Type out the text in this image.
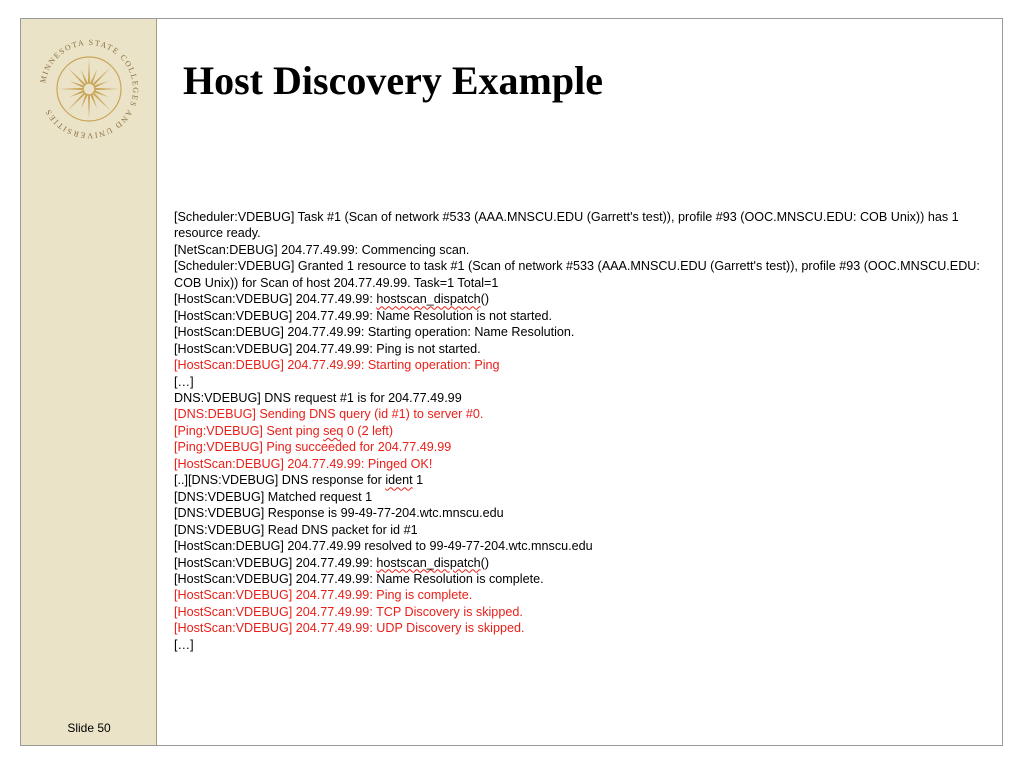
MINNESOTA STATE COLLEGES AND UNIVERSITIES
Slide 50
Host Discovery Example
[Scheduler:VDEBUG] Task #1 (Scan of network #533 (AAA.MNSCU.EDU (Garrett's test)), profile #93 (OOC.MNSCU.EDU: COB Unix)) has 1 resource ready.
[NetScan:DEBUG] 204.77.49.99: Commencing scan.
[Scheduler:VDEBUG] Granted 1 resource to task #1 (Scan of network #533 (AAA.MNSCU.EDU (Garrett's test)), profile #93 (OOC.MNSCU.EDU: COB Unix)) for Scan of host 204.77.49.99. Task=1 Total=1
[HostScan:VDEBUG] 204.77.49.99: hostscan_dispatch()
[HostScan:VDEBUG] 204.77.49.99: Name Resolution is not started.
[HostScan:DEBUG] 204.77.49.99: Starting operation: Name Resolution.
[HostScan:VDEBUG] 204.77.49.99: Ping is not started.
[HostScan:DEBUG] 204.77.49.99: Starting operation: Ping
[…]
DNS:VDEBUG] DNS request #1 is for 204.77.49.99
[DNS:DEBUG] Sending DNS query (id #1) to server #0.
[Ping:VDEBUG] Sent ping seq 0 (2 left)
[Ping:VDEBUG] Ping succeeded for 204.77.49.99
[HostScan:DEBUG] 204.77.49.99: Pinged OK!
[..][DNS:VDEBUG] DNS response for ident 1
[DNS:VDEBUG] Matched request 1
[DNS:VDEBUG] Response is 99-49-77-204.wtc.mnscu.edu
[DNS:VDEBUG] Read DNS packet for id #1
[HostScan:DEBUG] 204.77.49.99 resolved to 99-49-77-204.wtc.mnscu.edu
[HostScan:VDEBUG] 204.77.49.99: hostscan_dispatch()
[HostScan:VDEBUG] 204.77.49.99: Name Resolution is complete.
[HostScan:VDEBUG] 204.77.49.99: Ping is complete.
[HostScan:VDEBUG] 204.77.49.99: TCP Discovery is skipped.
[HostScan:VDEBUG] 204.77.49.99: UDP Discovery is skipped.
[…]
